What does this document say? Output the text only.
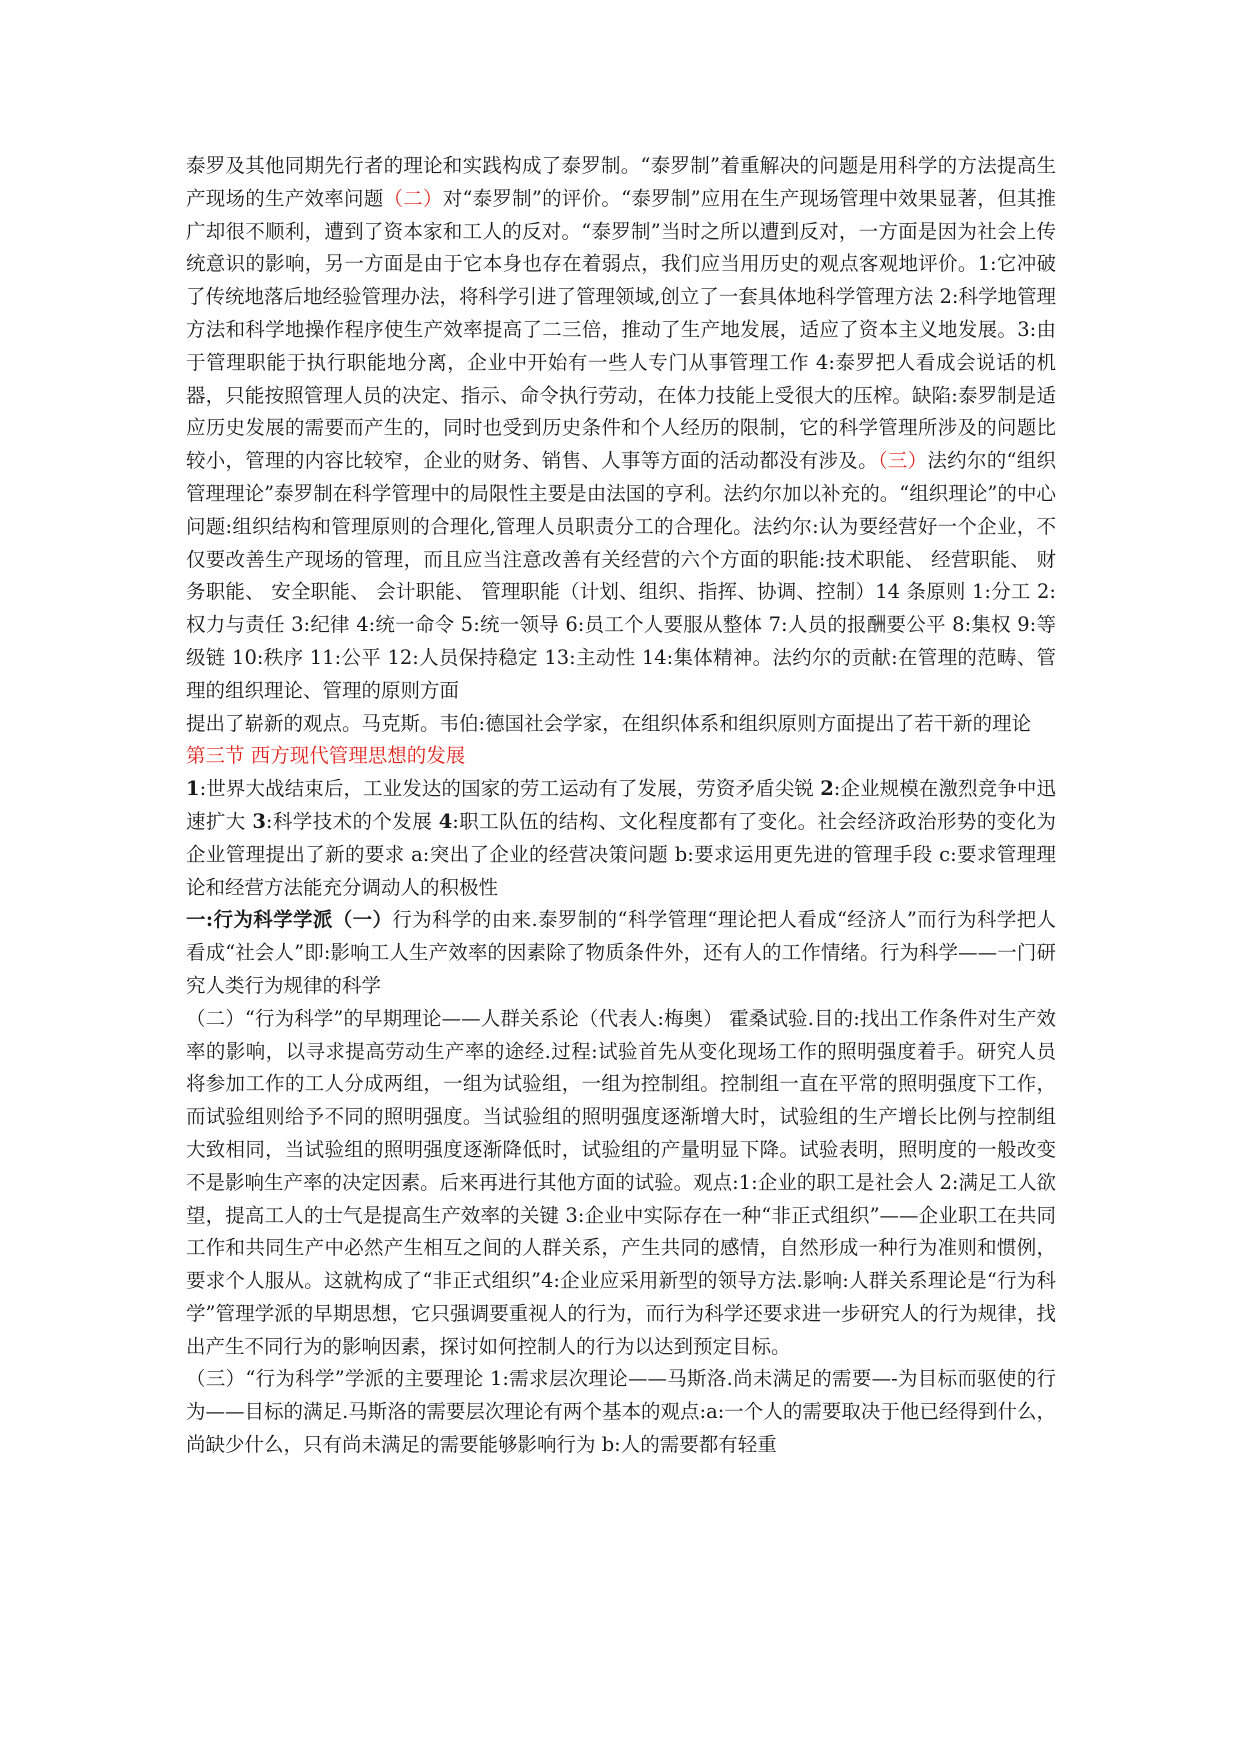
泰罗及其他同期先行者的理论和实践构成了泰罗制。“泰罗制”着重解决的问题是用科学的方法提高生产现场的生产效率问题（二）对“泰罗制”的评价。“泰罗制”应用在生产现场管理中效果显著，但其推广却很不顺利，遭到了资本家和工人的反对。“泰罗制”当时之所以遭到反对，一方面是因为社会上传统意识的影响，另一方面是由于它本身也存在着弱点，我们应当用历史的观点客观地评价。1:它冲破了传统地落后地经验管理办法，将科学引进了管理领域,创立了一套具体地科学管理方法 2:科学地管理方法和科学地操作程序使生产效率提高了二三倍，推动了生产地发展，适应了资本主义地发展。3:由于管理职能于执行职能地分离，企业中开始有一些人专门从事管理工作 4:泰罗把人看成会说话的机器，只能按照管理人员的决定、指示、命令执行劳动，在体力技能上受很大的压榨。缺陷:泰罗制是适应历史发展的需要而产生的，同时也受到历史条件和个人经历的限制，它的科学管理所涉及的问题比较小，管理的内容比较窄，企业的财务、销售、人事等方面的活动都没有涉及。（三）法约尔的“组织管理理论”泰罗制在科学管理中的局限性主要是由法国的亨利。法约尔加以补充的。“组织理论”的中心问题:组织结构和管理原则的合理化,管理人员职责分工的合理化。法约尔:认为要经营好一个企业，不仅要改善生产现场的管理，而且应当注意改善有关经营的六个方面的职能:技术职能、 经营职能、 财务职能、 安全职能、 会计职能、 管理职能（计划、组织、指挥、协调、控制）14 条原则 1:分工 2:权力与责任 3:纪律 4:统一命令 5:统一领导 6:员工个人要服从整体 7:人员的报酬要公平 8:集权 9:等级链 10:秩序 11:公平 12:人员保持稳定 13:主动性 14:集体精神。法约尔的贡献:在管理的范畴、管理的组织理论、管理的原则方面

提出了崭新的观点。马克斯。韦伯:德国社会学家，在组织体系和组织原则方面提出了若干新的理论

第三节 西方现代管理思想的发展

1:世界大战结束后，工业发达的国家的劳工运动有了发展，劳资矛盾尖锐 2:企业规模在激烈竞争中迅速扩大 3:科学技术的个发展 4:职工队伍的结构、文化程度都有了变化。社会经济政治形势的变化为企业管理提出了新的要求 a:突出了企业的经营决策问题 b:要求运用更先进的管理手段 c:要求管理理论和经营方法能充分调动人的积极性

一:行为科学学派（一）行为科学的由来.泰罗制的“科学管理“理论把人看成“经济人”而行为科学把人看成“社会人”即:影响工人生产效率的因素除了物质条件外，还有人的工作情绪。行为科学——一门研究人类行为规律的科学

（二）“行为科学”的早期理论——人群关系论（代表人:梅奥） 霍桑试验.目的:找出工作条件对生产效率的影响，以寻求提高劳动生产率的途经.过程:试验首先从变化现场工作的照明强度着手。研究人员将参加工作的工人分成两组，一组为试验组，一组为控制组。控制组一直在平常的照明强度下工作，而试验组则给予不同的照明强度。当试验组的照明强度逐渐增大时，试验组的生产增长比例与控制组大致相同，当试验组的照明强度逐渐降低时，试验组的产量明显下降。试验表明，照明度的一般改变不是影响生产率的决定因素。后来再进行其他方面的试验。观点:1:企业的职工是社会人 2:满足工人欲望，提高工人的士气是提高生产效率的关键 3:企业中实际存在一种“非正式组织”——企业职工在共同工作和共同生产中必然产生相互之间的人群关系，产生共同的感情，自然形成一种行为准则和惯例，要求个人服从。这就构成了“非正式组织”4:企业应采用新型的领导方法.影响:人群关系理论是“行为科学”管理学派的早期思想，它只强调要重视人的行为，而行为科学还要求进一步研究人的行为规律，找出产生不同行为的影响因素，探讨如何控制人的行为以达到预定目标。

（三）“行为科学”学派的主要理论 1:需求层次理论——马斯洛.尚未满足的需要—-为目标而驱使的行为——目标的满足.马斯洛的需要层次理论有两个基本的观点:a:一个人的需要取决于他已经得到什么，尚缺少什么，只有尚未满足的需要能够影响行为 b:人的需要都有轻重
